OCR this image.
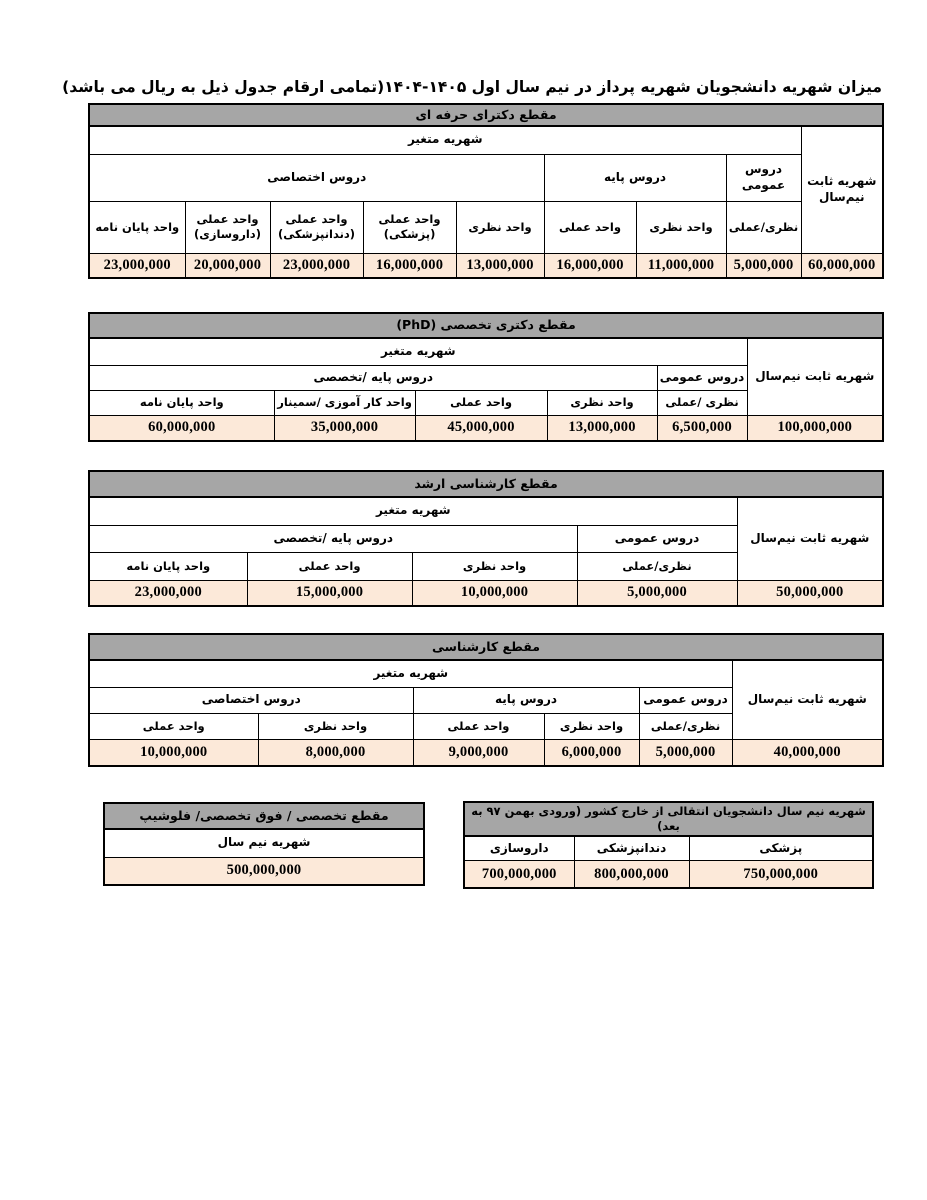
میزان شهریه دانشجویان شهریه پرداز در نیم سال اول ۱۴۰۵-۱۴۰۴(تمامی ارقام جدول ذیل به ریال می باشد)
مقطع دکترای حرفه ای								
شهریه ثابت نیم‌سال	شهریه متغیر							
	دروس عمومی	دروس پایه		دروس اختصاصی				
	نظری/عملی	واحد نظری	واحد عملی	واحد نظری	واحد عملی (پزشکی)	واحد عملی (دندانپزشکی)	واحد عملی (داروسازی)	واحد پایان نامه
60,000,000	5,000,000	11,000,000	16,000,000	13,000,000	16,000,000	23,000,000	20,000,000	23,000,000
مقطع دکتری تخصصی (PhD)					
شهریه ثابت نیم‌سال	شهریه متغیر				
	دروس عمومی	دروس پایه /تخصصی			
	نظری /عملی	واحد نظری	واحد عملی	واحد کار آموزی /سمینار	واحد پایان نامه
100,000,000	6,500,000	13,000,000	45,000,000	35,000,000	60,000,000
مقطع کارشناسی ارشد				
شهریه ثابت نیم‌سال	شهریه متغیر			
	دروس عمومی	دروس پایه /تخصصی		
	نظری/عملی	واحد نظری	واحد عملی	واحد پایان نامه
50,000,000	5,000,000	10,000,000	15,000,000	23,000,000
مقطع کارشناسی					
شهریه ثابت نیم‌سال	شهریه متغیر				
	دروس عمومی	دروس پایه		دروس اختصاصی	
	نظری/عملی	واحد نظری	واحد عملی	واحد نظری	واحد عملی
40,000,000	5,000,000	6,000,000	9,000,000	8,000,000	10,000,000
مقطع تخصصی / فوق تخصصی/ فلوشیپ
شهریه نیم سال
500,000,000
شهریه نیم سال دانشجویان انتقالی از خارج کشور (ورودی بهمن ۹۷ به بعد)		
پزشکی	دندانپزشکی	داروسازی
750,000,000	800,000,000	700,000,000
